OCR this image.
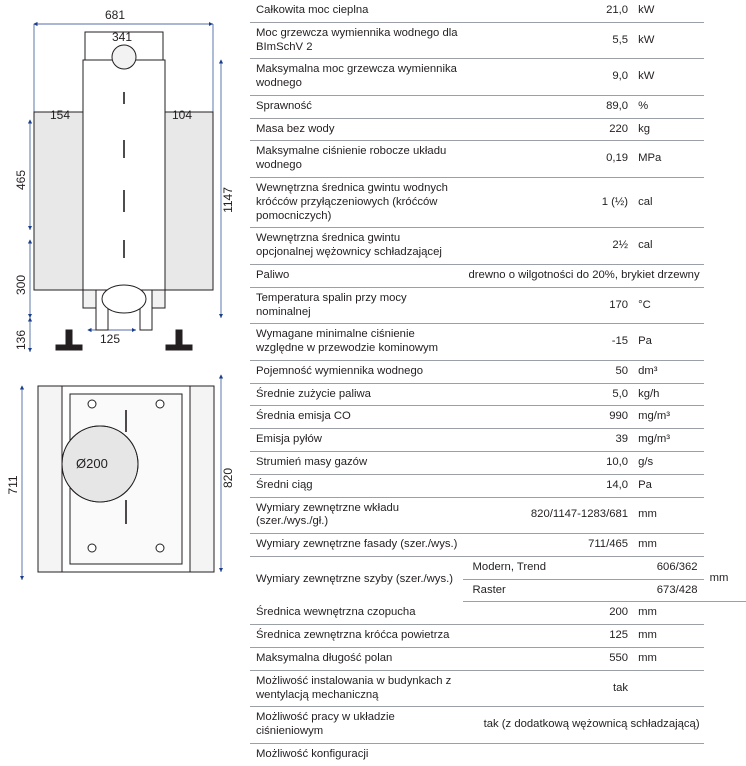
681
341
154	104
125
1147
465
300
136
711	820
Ø200
Całkowita moc cieplna	21,0	kW	
Moc grzewcza wymiennika wodnego dla BImSchV 2	5,5	kW	
Maksymalna moc grzewcza wymiennika wodnego	9,0	kW	
Sprawność	89,0	%	
Masa bez wody	220	kg	
Maksymalne ciśnienie robocze układu wodnego	0,19	MPa	
Wewnętrzna średnica gwintu wodnych króćców przyłączeniowych (króćców pomocniczych)	1 (½)	cal	
Wewnętrzna średnica gwintu opcjonalnej wężownicy schładzającej	2½	cal	
Paliwo	drewno o wilgotności do 20%, brykiet drzewny		
Temperatura spalin przy mocy nominalnej	170	°C	
Wymagane minimalne ciśnienie względne w przewodzie kominowym	-15	Pa	
Pojemność wymiennika wodnego	50	dm³	
Średnie zużycie paliwa	5,0	kg/h	
Średnia emisja CO	990	mg/m³	
Emisja pyłów	39	mg/m³	
Strumień masy gazów	10,0	g/s	
Średni ciąg	14,0	Pa	
Wymiary zewnętrzne wkładu (szer./wys./gł.)	820/1147-1283/681	mm	
Wymiary zewnętrzne fasady (szer./wys.)	711/465	mm	
Wymiary zewnętrzne szyby (szer./wys.)	Modern, Trend	606/362	mm
	Raster	673/428	
Średnica wewnętrzna czopucha	200	mm	
Średnica zewnętrzna króćca powietrza	125	mm	
Maksymalna długość polan	550	mm	
Możliwość instalowania w budynkach z wentylacją mechaniczną	tak		
Możliwość pracy w układzie ciśnieniowym	tak (z dodatkową wężownicą schładzającą)		
Możliwość konfiguracji			
